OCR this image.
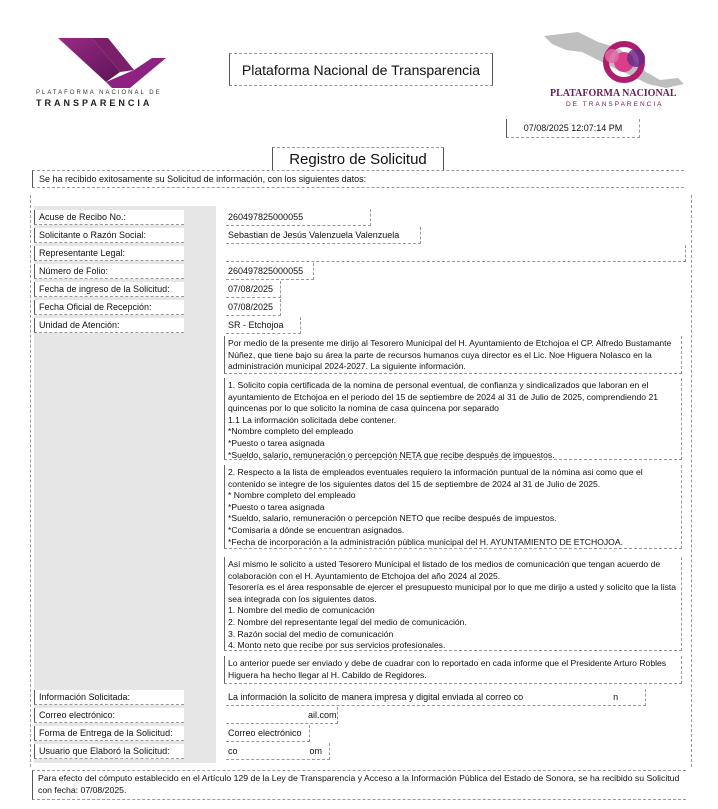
PLATAFORMA NACIONAL DE
TRANSPARENCIA
Plataforma Nacional de Transparencia
PLATAFORMA NACIONAL
DE TRANSPARENCIA
07/08/2025 12:07:14 PM
Registro de Solicitud
Se ha recibido exitosamente su Solicitud de información, con los siguientes datos:
Acuse de Recibo No.:	260497825000055
Solicitante o Razón Social:	Sebastian de Jesús Valenzuela Valenzuela
Representante Legal:
Número de Folio:	260497825000055
Fecha de ingreso de la Solicitud:	07/08/2025
Fecha Oficial de Recepción:	07/08/2025
Unidad de Atención:	SR - Etchojoa
Por medio de la presente me dirijo al Tesorero Municipal del H. Ayuntamiento de Etchojoa el CP. Alfredo Bustamante Núñez, que tiene bajo su área la parte de recursos humanos cuya director es el Lic. Noe Higuera Nolasco en la administración municipal 2024-2027. La siguiente información.
1. Solicito copia certificada de la nomina de personal eventual, de confianza y sindicalizados que laboran en el ayuntamiento de Etchojoa en el periodo del 15 de septiembre de 2024 al 31 de Julio de 2025, comprendiendo 21 quincenas por lo que solicito la nomina de casa quincena por separado
1.1 La información solicitada debe contener.
*Nombre completo del empleado
*Puesto o tarea asignada
*Sueldo, salario, remuneración o percepción NETA que recibe después de impuestos.
2. Respecto a la lista de empleados eventuales requiero la información puntual de la nómina asi como que el contenido se integre de los siguientes datos del 15 de septiembre de 2024 al 31 de Julio de 2025.
* Nombre completo del empleado
*Puesto o tarea asignada
*Sueldo, salario, remuneración o percepción NETO que recibe después de impuestos.
*Comisaria a dónde se encuentran asignados.
*Fecha de incorporación a la administración pública municipal del H. AYUNTAMIENTO DE ETCHOJOA.
Así mismo le solicito a usted Tesorero Municipal el listado de los medios de comunicación que tengan acuerdo de colaboración con el H. Ayuntamiento de Etchojoa del año 2024 al 2025.
Tesorería es el área responsable de ejercer el presupuesto municipal por lo que me dirijo a usted y solicito que la lista sea integrada con los siguientes datos.
1. Nombre del medio de comunicación
2. Nombre del representante legal del medio de comunicación.
3. Razón social del medio de comunicación
4. Monto neto que recibe por sus servicios profesionales.
Lo anterior puede ser enviado y debe de cuadrar con lo reportado en cada informe que el Presidente Arturo Robles Higuera ha hecho llegar al H. Cabildo de Regidores.
Información Solicitada:	La información la solicito de manera impresa y digital enviada al correo co	n
Correo electrónico:	ail.com
Forma de Entrega de la Solicitud:	Correo electrónico
Usuario que Elaboró la Solicitud:	co	om
Para efecto del cómputo establecido en el Artículo 129 de la Ley de Transparencia y Acceso a la Información Pública del Estado de Sonora, se ha recibido su Solicitud con fecha: 07/08/2025.
